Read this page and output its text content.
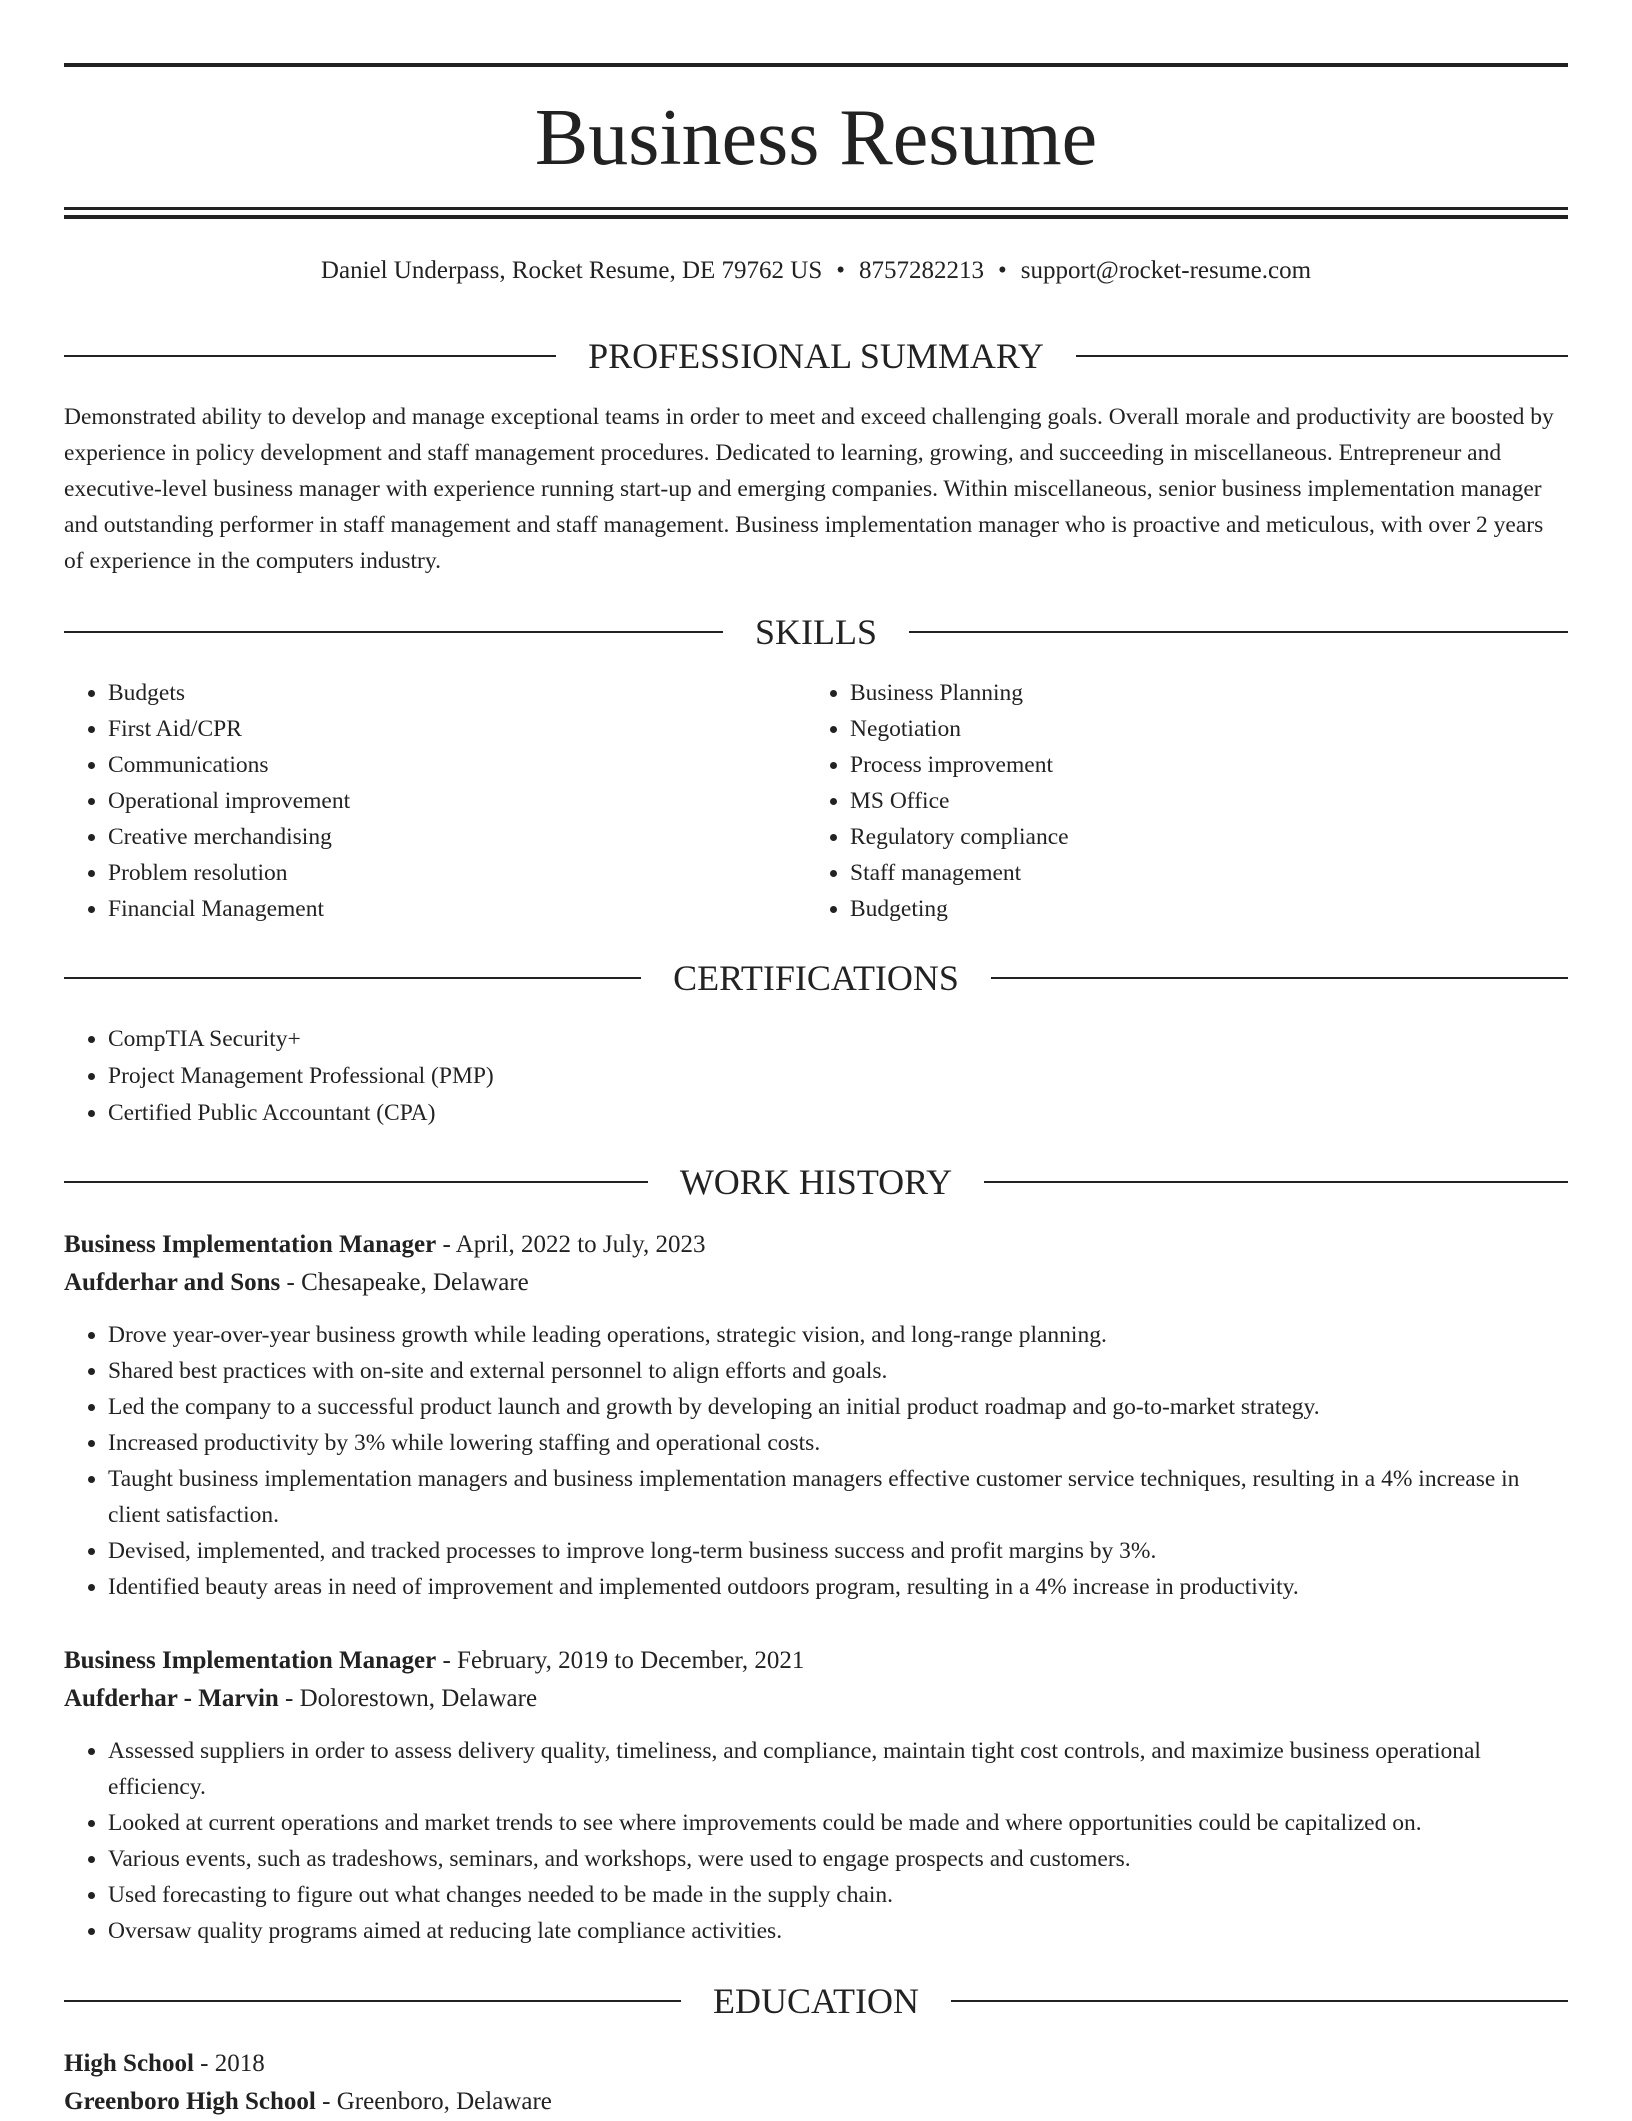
Business Resume
Daniel Underpass, Rocket Resume, DE 79762 US • 8757282213 • support@rocket-resume.com
PROFESSIONAL SUMMARY

Demonstrated ability to develop and manage exceptional teams in order to meet and exceed challenging goals. Overall morale and productivity are boosted by experience in policy development and staff management procedures. Dedicated to learning, growing, and succeeding in miscellaneous. Entrepreneur and executive-level business manager with experience running start-up and emerging companies. Within miscellaneous, senior business implementation manager and outstanding performer in staff management and staff management. Business implementation manager who is proactive and meticulous, with over 2 years of experience in the computers industry.

SKILLS
• Budgets
• First Aid/CPR
• Communications
• Operational improvement
• Creative merchandising
• Problem resolution
• Financial Management
• Business Planning
• Negotiation
• Process improvement
• MS Office
• Regulatory compliance
• Staff management
• Budgeting
CERTIFICATIONS
• CompTIA Security+
• Project Management Professional (PMP)
• Certified Public Accountant (CPA)
WORK HISTORY
Business Implementation Manager - April, 2022 to July, 2023
Aufderhar and Sons - Chesapeake, Delaware
• Drove year-over-year business growth while leading operations, strategic vision, and long-range planning.
• Shared best practices with on-site and external personnel to align efforts and goals.
• Led the company to a successful product launch and growth by developing an initial product roadmap and go-to-market strategy.
• Increased productivity by 3% while lowering staffing and operational costs.
• Taught business implementation managers and business implementation managers effective customer service techniques, resulting in a 4% increase in client satisfaction.
• Devised, implemented, and tracked processes to improve long-term business success and profit margins by 3%.
• Identified beauty areas in need of improvement and implemented outdoors program, resulting in a 4% increase in productivity.
Business Implementation Manager - February, 2019 to December, 2021
Aufderhar - Marvin - Dolorestown, Delaware
• Assessed suppliers in order to assess delivery quality, timeliness, and compliance, maintain tight cost controls, and maximize business operational efficiency.
• Looked at current operations and market trends to see where improvements could be made and where opportunities could be capitalized on.
• Various events, such as tradeshows, seminars, and workshops, were used to engage prospects and customers.
• Used forecasting to figure out what changes needed to be made in the supply chain.
• Oversaw quality programs aimed at reducing late compliance activities.
EDUCATION
High School - 2018
Greenboro High School - Greenboro, Delaware
